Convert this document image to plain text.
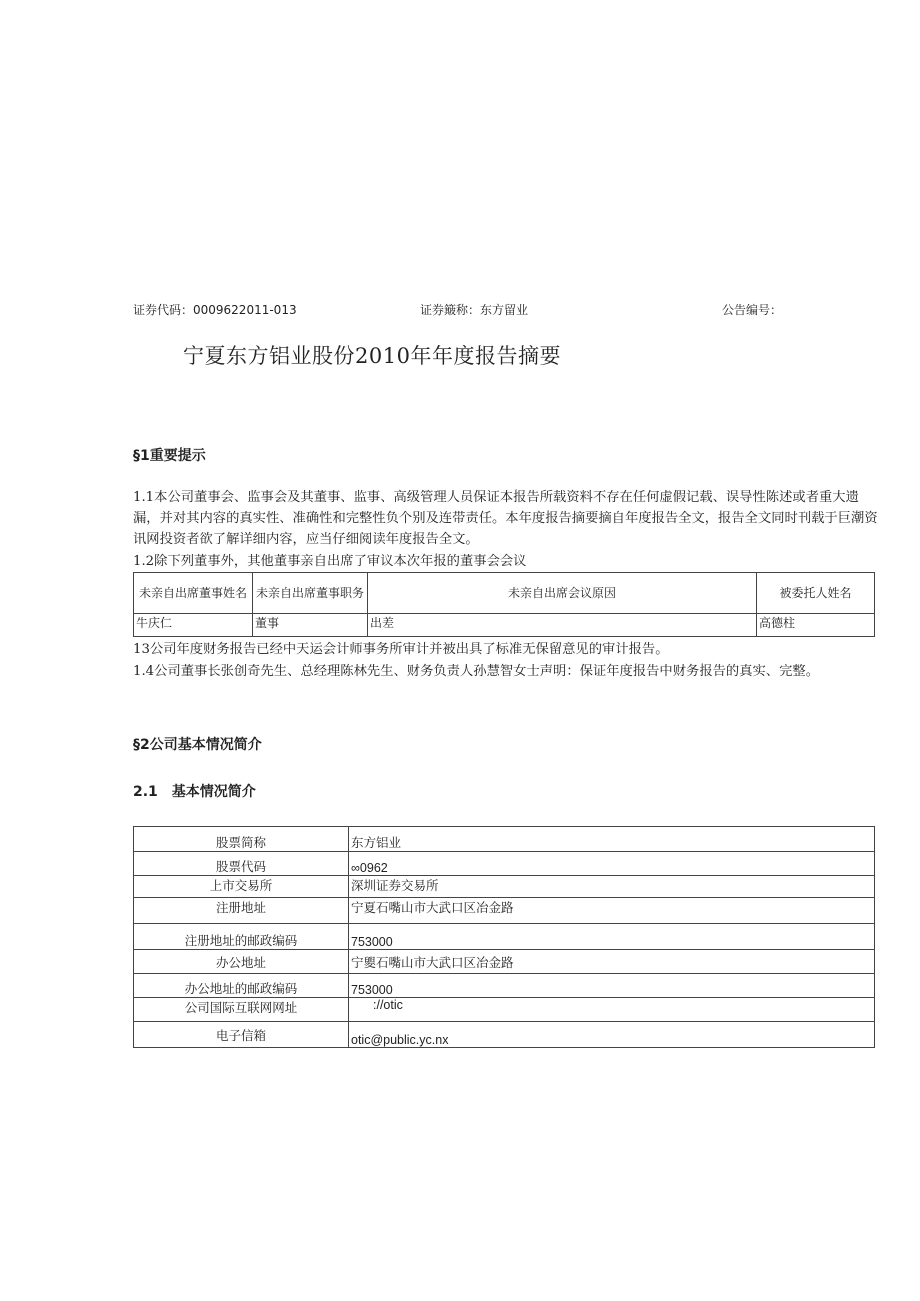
证券代码：0009622011-013	证券簸称：东方留业	公告编号：
宁夏东方铝业股份2010年年度报告摘要
§1重要提示
1.1本公司董事会、监事会及其董事、监事、高级管理人员保证本报告所载资料不存在任何虚假记载、误导性陈述或者重大遗漏，并对其内容的真实性、准确性和完整性负个别及连带责任。本年度报告摘要摘自年度报告全文，报告全文同时刊载于巨潮资讯网投资者欲了解详细内容，应当仔细阅读年度报告全文。
1.2除下列董事外，其他董事亲自出席了审议本次年报的董事会会议
未亲自出席董事姓名	未亲自出席董事职务	未亲自出席会议原因	被委托人姓名
牛庆仁	董事	出差	高德柱
13公司年度财务报告已经中天运会计师事务所审计并被出具了标准无保留意见的审计报告。
1.4公司董事长张创奇先生、总经理陈林先生、财务负责人孙慧智女士声明：保证年度报告中财务报告的真实、完整。
§2公司基本情况简介
2.1　基本情况简介
股票简称	东方铝业
股票代码	∞0962
上市交易所	深圳证券交易所
注册地址	宁夏石嘴山市大武口区冶金路
注册地址的邮政编码	753000
办公地址	宁夓石嘴山市大武口区冶金路
办公地址的邮政编码	753000
公司国际互联网网址	://otic
电子信箱	otic@public.yc.nx
